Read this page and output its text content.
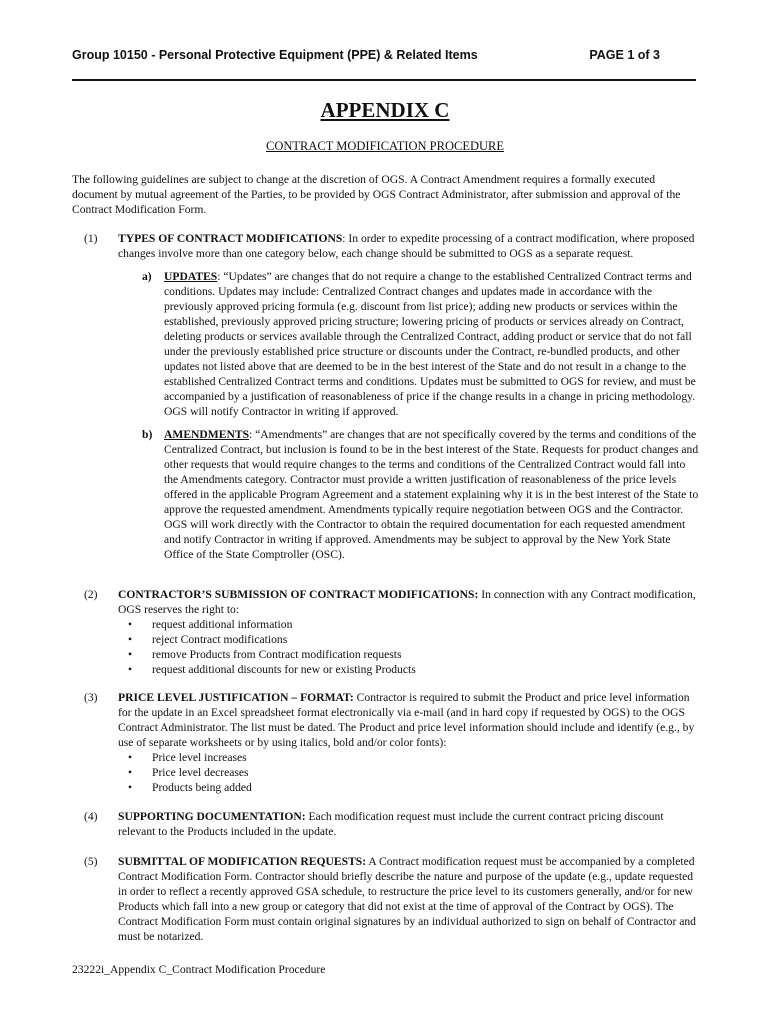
Group 10150 - Personal Protective Equipment (PPE) & Related Items	PAGE 1 of 3
APPENDIX C
CONTRACT MODIFICATION PROCEDURE
The following guidelines are subject to change at the discretion of OGS. A Contract Amendment requires a formally executed document by mutual agreement of the Parties, to be provided by OGS Contract Administrator, after submission and approval of the Contract Modification Form.
(1) TYPES OF CONTRACT MODIFICATIONS: In order to expedite processing of a contract modification, where proposed changes involve more than one category below, each change should be submitted to OGS as a separate request.
a) UPDATES: “Updates” are changes that do not require a change to the established Centralized Contract terms and conditions. Updates may include: Centralized Contract changes and updates made in accordance with the previously approved pricing formula (e.g. discount from list price); adding new products or services within the established, previously approved pricing structure; lowering pricing of products or services already on Contract, deleting products or services available through the Centralized Contract, adding product or service that do not fall under the previously established price structure or discounts under the Contract, re-bundled products, and other updates not listed above that are deemed to be in the best interest of the State and do not result in a change to the established Centralized Contract terms and conditions. Updates must be submitted to OGS for review, and must be accompanied by a justification of reasonableness of price if the change results in a change in pricing methodology. OGS will notify Contractor in writing if approved.
b) AMENDMENTS: “Amendments” are changes that are not specifically covered by the terms and conditions of the Centralized Contract, but inclusion is found to be in the best interest of the State. Requests for product changes and other requests that would require changes to the terms and conditions of the Centralized Contract would fall into the Amendments category. Contractor must provide a written justification of reasonableness of the price levels offered in the applicable Program Agreement and a statement explaining why it is in the best interest of the State to approve the requested amendment. Amendments typically require negotiation between OGS and the Contractor. OGS will work directly with the Contractor to obtain the required documentation for each requested amendment and notify Contractor in writing if approved. Amendments may be subject to approval by the New York State Office of the State Comptroller (OSC).
(2) CONTRACTOR’S SUBMISSION OF CONTRACT MODIFICATIONS: In connection with any Contract modification, OGS reserves the right to:
• request additional information
• reject Contract modifications
• remove Products from Contract modification requests
• request additional discounts for new or existing Products
(3) PRICE LEVEL JUSTIFICATION – FORMAT: Contractor is required to submit the Product and price level information for the update in an Excel spreadsheet format electronically via e-mail (and in hard copy if requested by OGS) to the OGS Contract Administrator. The list must be dated. The Product and price level information should include and identify (e.g., by use of separate worksheets or by using italics, bold and/or color fonts):
• Price level increases
• Price level decreases
• Products being added
(4) SUPPORTING DOCUMENTATION: Each modification request must include the current contract pricing discount relevant to the Products included in the update.
(5) SUBMITTAL OF MODIFICATION REQUESTS: A Contract modification request must be accompanied by a completed Contract Modification Form. Contractor should briefly describe the nature and purpose of the update (e.g., update requested in order to reflect a recently approved GSA schedule, to restructure the price level to its customers generally, and/or for new Products which fall into a new group or category that did not exist at the time of approval of the Contract by OGS). The Contract Modification Form must contain original signatures by an individual authorized to sign on behalf of Contractor and must be notarized.
23222i_Appendix C_Contract Modification Procedure
